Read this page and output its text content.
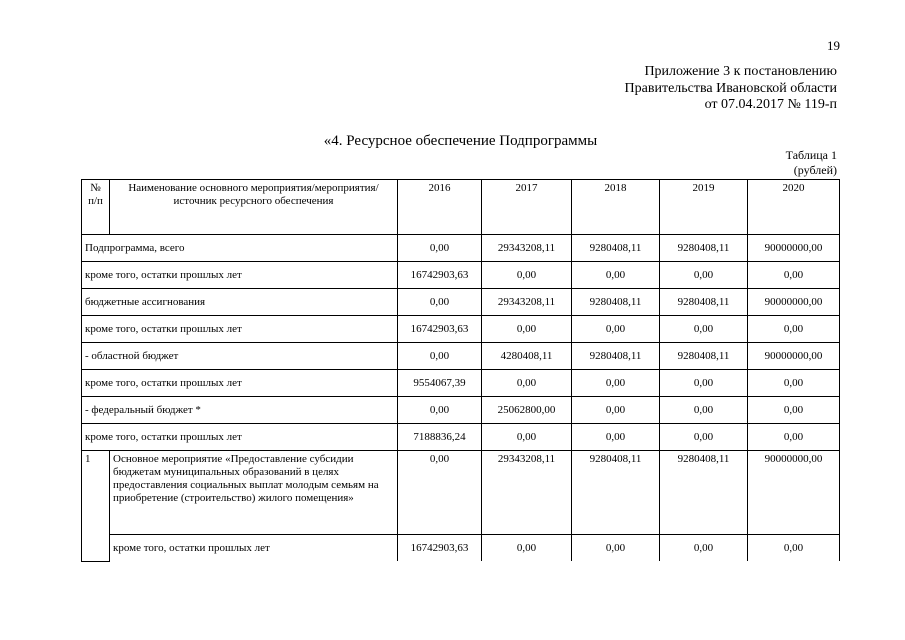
19
Приложение 3 к постановлению
Правительства Ивановской области
от 07.04.2017 № 119-п
«4. Ресурсное обеспечение Подпрограммы
Таблица 1
(рублей)
№ п/п	Наименование основного мероприятия/мероприятия/источник ресурсного обеспечения	2016	2017	2018	2019	2020
Подпрограмма, всего		0,00	29343208,11	9280408,11	9280408,11	90000000,00
кроме того, остатки прошлых лет		16742903,63	0,00	0,00	0,00	0,00
бюджетные ассигнования		0,00	29343208,11	9280408,11	9280408,11	90000000,00
кроме того, остатки прошлых лет		16742903,63	0,00	0,00	0,00	0,00
- областной бюджет		0,00	4280408,11	9280408,11	9280408,11	90000000,00
кроме того, остатки прошлых лет		9554067,39	0,00	0,00	0,00	0,00
- федеральный бюджет *		0,00	25062800,00	0,00	0,00	0,00
кроме того, остатки прошлых лет		7188836,24	0,00	0,00	0,00	0,00
1	Основное мероприятие «Предоставление субсидии бюджетам муниципальных образований в целях предоставления социальных выплат молодым семьям на приобретение (строительство) жилого помещения»	0,00	29343208,11	9280408,11	9280408,11	90000000,00
	кроме того, остатки прошлых лет	16742903,63	0,00	0,00	0,00	0,00
